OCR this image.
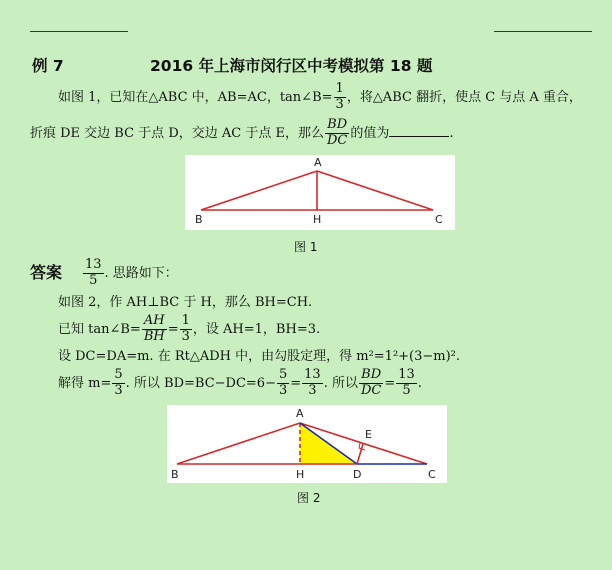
例 7	2016 年上海市闵行区中考模拟第 18 题
如图 1，已知在△ABC 中，AB=AC，tan∠B= $\frac{1}{3}$ ，将△ABC 翻折，使点 C 与点 A 重合，
折痕 DE 交边 BC 于点 D，交边 AC 于点 E，那么 $\frac{BD}{DC}$ 的值为	.
A
B	H	C
图 1
答案 $\frac{13}{5}$ . 思路如下：
如图 2，作 AH⊥BC 于 H，那么 BH=CH.
已知 tan∠B= $\frac{AH}{BH} = \frac{1}{3}$ ，设 AH=1，BH=3.
设 DC=DA=m. 在 Rt△ADH 中，由勾股定理，得 m²=1²+(3−m)².
解得 $m= \frac{5}{3}$ . 所以 $BD=BC-DC=6- \frac{5}{3} = \frac{13}{3}$ . 所以 $\frac{BD}{DC} = \frac{13}{5}$ .
A
E
B	H	D	C
图 2
